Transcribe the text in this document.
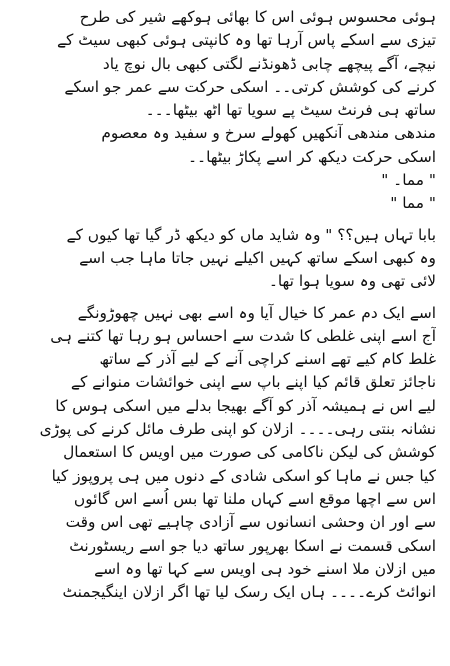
ہوئی محسوس ہوئی اس کا بھائی ہوکھے شیر کی طرح
تیزی سے اسکے پاس آرہا تھا وہ کانپتی ہوئی کبھی سیٹ کے
نیچے، آگے پیچھے چابی ڈھونڈنے لگتی کبھی بال نوچ یاد
کرنے کی کوشش کرتی۔۔ اسکی حرکت سے عمر جو اسکے
ساتھ ہی فرنٹ سیٹ پے سویا تھا اٹھ بیٹھا۔۔۔
مندھی مندھی آنکھیں کھولے سرخ و سفید وہ معصوم
اسکی حرکت دیکھ کر اسے پکاڑ بیٹھا۔۔
" مما۔ "
" مما "
بابا تہاں ہیں؟؟ " وہ شاید ماں کو دیکھ ڈر گیا تھا کیوں کے
وہ کبھی اسکے ساتھ کہیں اکیلے نہیں جاتا ماہا جب اسے
لائی تھی وہ سویا ہوا تھا۔
اسے ایک دم عمر کا خیال آیا وہ اسے بھی نہیں چھوڑونگے
آج اسے اپنی غلطی کا شدت سے احساس ہو رہا تھا کتنے ہی
غلط کام کیے تھے اسنے کراچی آنے کے لیے آذر کے ساتھ
ناجائز تعلق قائم کیا اپنے باپ سے اپنی خوائشات منوانے کے
لیے اس نے ہمیشہ آذر کو آگے بھیجا بدلے میں اسکی ہوس کا
نشانہ بنتی رہی۔۔۔۔ ازلان کو اپنی طرف مائل کرنے کی پوڑی
کوشش کی لیکن ناکامی کی صورت میں اویس کا استعمال
کیا جس نے ماہا کو اسکی شادی کے دنوں میں ہی پروپوز کیا
اس سے اچھا موقع اسے کہاں ملنا تھا بس اُسے اس گائوں
سے اور ان وحشی انسانوں سے آزادی چاہیے تھی اس وقت
اسکی قسمت نے اسکا بھرپور ساتھ دیا جو اسے ریسٹورنٹ
میں ازلان ملا اسنے خود ہی اویس سے کہا تھا وہ اسے
انوائٹ کرے۔۔۔۔ ہاں ایک رسک لیا تھا اگر ازلان اینگیجمنٹ
